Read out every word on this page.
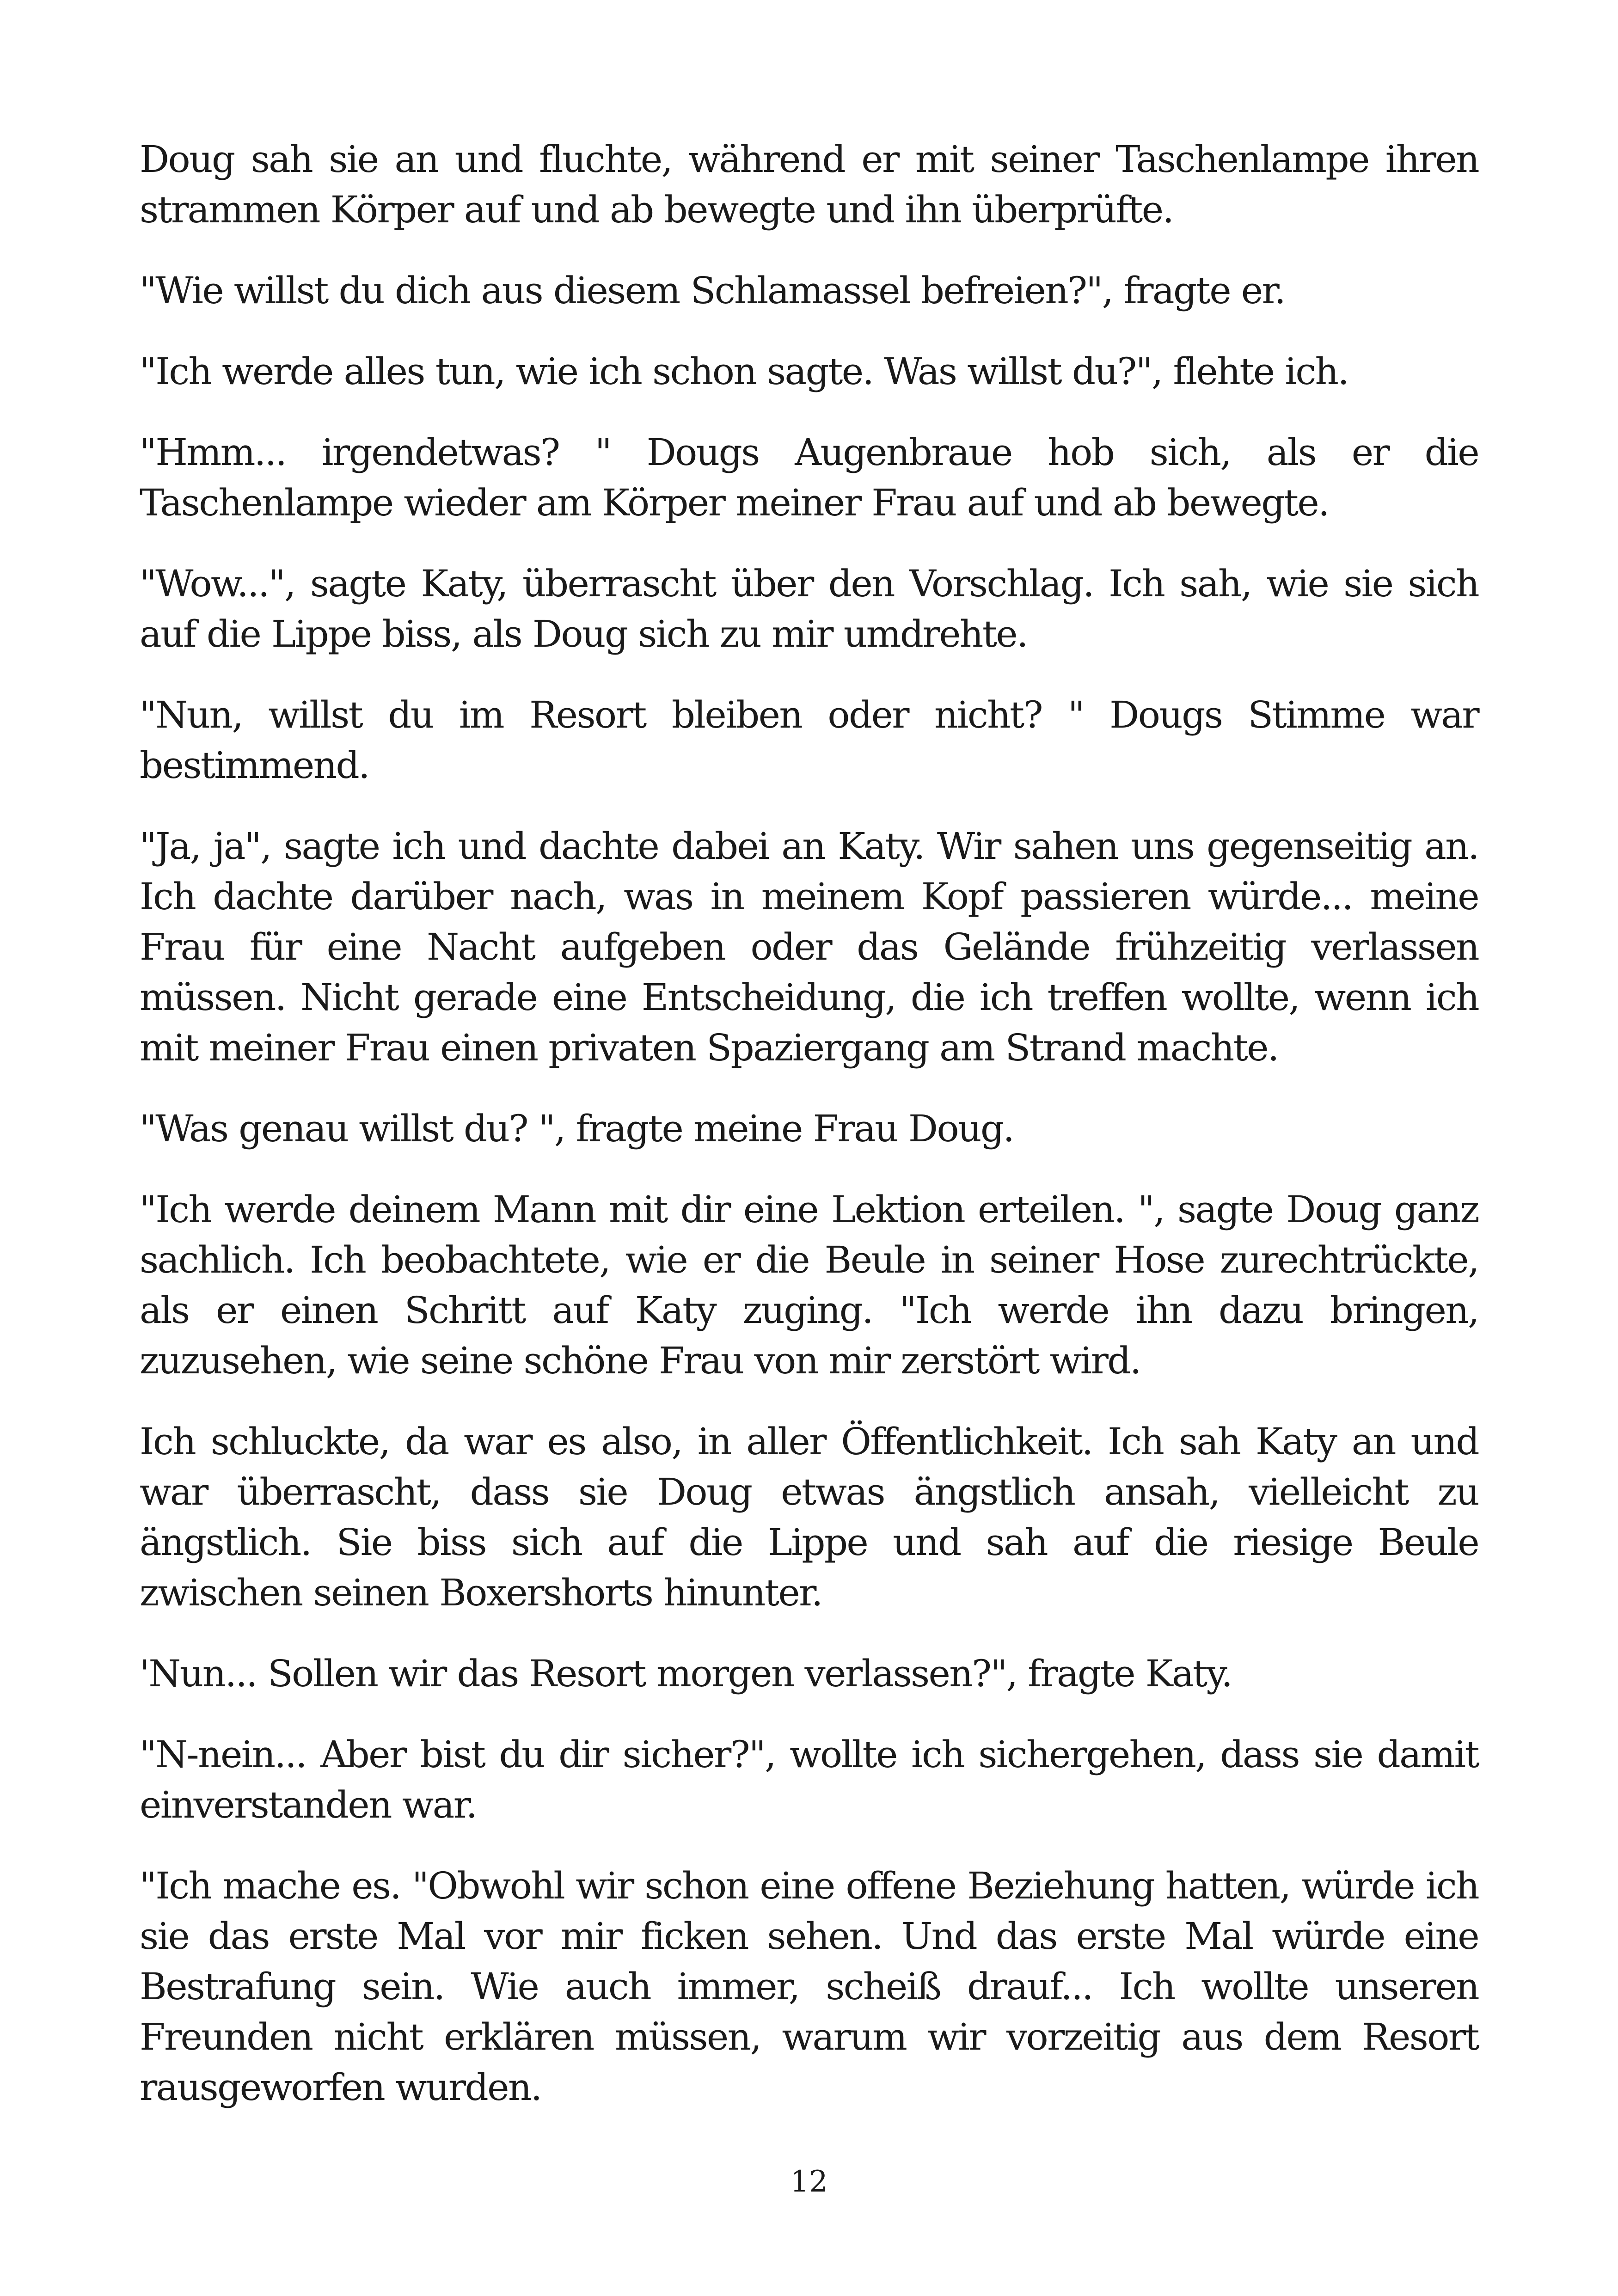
Doug sah sie an und fluchte, während er mit seiner Taschenlampe ihren strammen Körper auf und ab bewegte und ihn überprüfte.

"Wie willst du dich aus diesem Schlamassel befreien?", fragte er.

"Ich werde alles tun, wie ich schon sagte. Was willst du?", flehte ich.

"Hmm... irgendetwas? " Dougs Augenbraue hob sich, als er die Taschenlampe wieder am Körper meiner Frau auf und ab bewegte.

"Wow...", sagte Katy, überrascht über den Vorschlag. Ich sah, wie sie sich auf die Lippe biss, als Doug sich zu mir umdrehte.

"Nun, willst du im Resort bleiben oder nicht? " Dougs Stimme war bestimmend.

"Ja, ja", sagte ich und dachte dabei an Katy. Wir sahen uns gegenseitig an. Ich dachte darüber nach, was in meinem Kopf passieren würde... meine Frau für eine Nacht aufgeben oder das Gelände frühzeitig verlassen müssen. Nicht gerade eine Entscheidung, die ich treffen wollte, wenn ich mit meiner Frau einen privaten Spaziergang am Strand machte.

"Was genau willst du? ", fragte meine Frau Doug.

"Ich werde deinem Mann mit dir eine Lektion erteilen. ", sagte Doug ganz sachlich. Ich beobachtete, wie er die Beule in seiner Hose zurechtrückte, als er einen Schritt auf Katy zuging. "Ich werde ihn dazu bringen, zuzusehen, wie seine schöne Frau von mir zerstört wird.

Ich schluckte, da war es also, in aller Öffentlichkeit. Ich sah Katy an und war überrascht, dass sie Doug etwas ängstlich ansah, vielleicht zu ängstlich. Sie biss sich auf die Lippe und sah auf die riesige Beule zwischen seinen Boxershorts hinunter.

'Nun... Sollen wir das Resort morgen verlassen?", fragte Katy.

"N-nein... Aber bist du dir sicher?", wollte ich sichergehen, dass sie damit einverstanden war.

"Ich mache es. "Obwohl wir schon eine offene Beziehung hatten, würde ich sie das erste Mal vor mir ficken sehen. Und das erste Mal würde eine Bestrafung sein. Wie auch immer, scheiß drauf... Ich wollte unseren Freunden nicht erklären müssen, warum wir vorzeitig aus dem Resort rausgeworfen wurden.

12
